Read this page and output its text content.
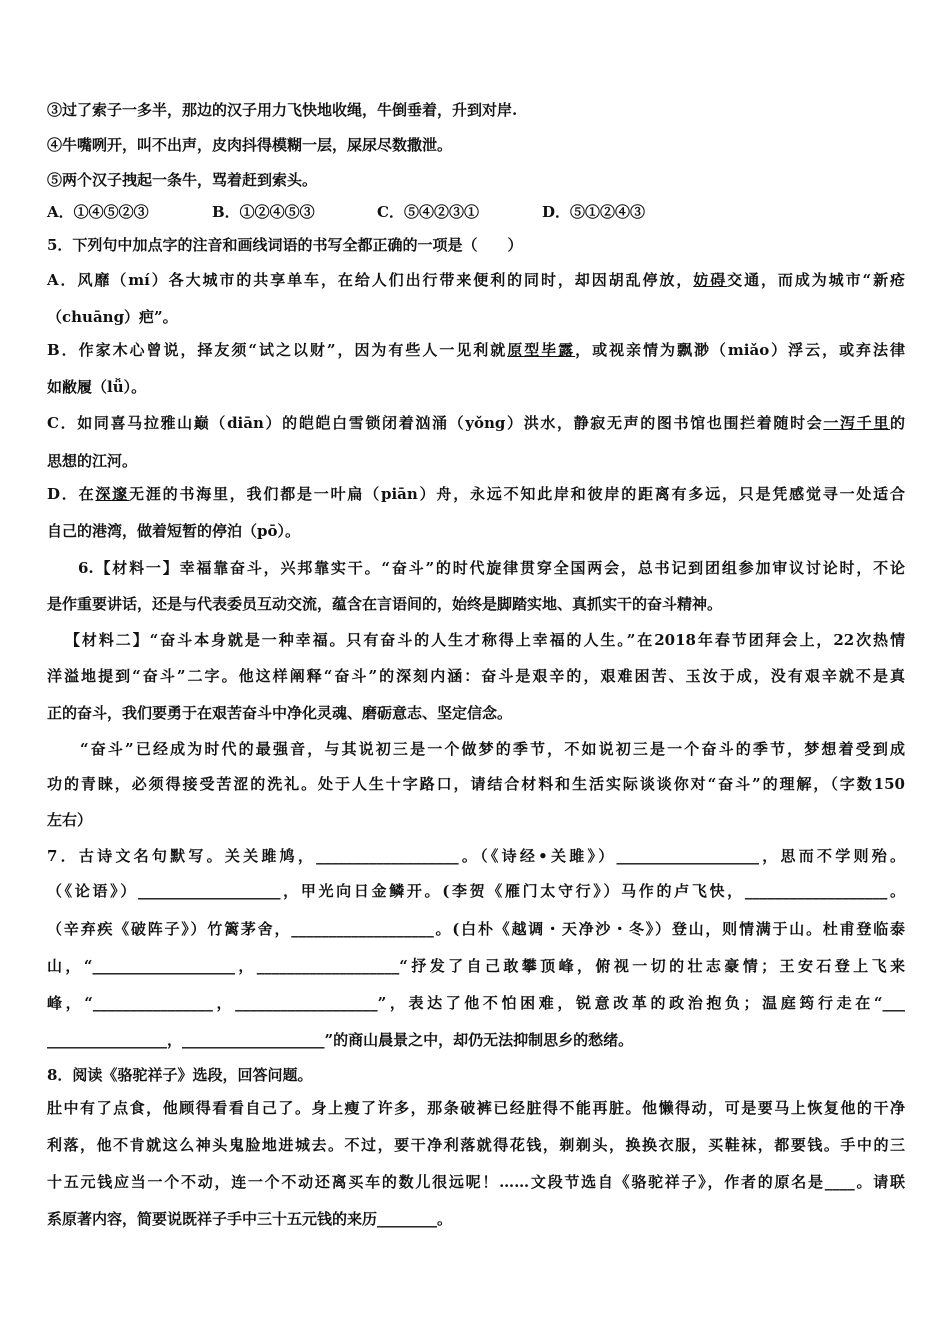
③过了索子一多半，那边的汉子用力飞快地收绳，牛倒垂着，升到对岸.
④牛嘴咧开，叫不出声，皮肉抖得模糊一层，屎尿尽数撒泄。
⑤两个汉子拽起一条牛，骂着赶到索头。
A．①④⑤②③	B．①②④⑤③	C．⑤④②③①	D．⑤①②④③
5．下列句中加点字的注音和画线词语的书写全都正确的一项是（　　）
A．风靡（mí）各大城市的共享单车，在给人们出行带来便利的同时，却因胡乱停放，妨碍交通，而成为城市“新疮
（chuāng）疤”。
B．作家木心曾说，择友须“试之以财”，因为有些人一见利就原型毕露，或视亲情为飘渺（miǎo）浮云，或弃法律
如敝履（lǚ）。
C．如同喜马拉雅山巅（diān）的皑皑白雪锁闭着汹涌（yǒng）洪水，静寂无声的图书馆也围拦着随时会一泻千里的
思想的江河。
D．在深邃无涯的书海里，我们都是一叶扁（piān）舟，永远不知此岸和彼岸的距离有多远，只是凭感觉寻一处适合
自己的港湾，做着短暂的停泊（pō）。
6.【材料一】幸福靠奋斗，兴邦靠实干。“奋斗”的时代旋律贯穿全国两会，总书记到团组参加审议讨论时，不论
是作重要讲话，还是与代表委员互动交流，蕴含在言语间的，始终是脚踏实地、真抓实干的奋斗精神。
【材料二】“奋斗本身就是一种幸福。只有奋斗的人生才称得上幸福的人生。”在2018年春节团拜会上，22次热情
洋溢地提到“奋斗”二字。他这样阐释“奋斗”的深刻内涵：奋斗是艰辛的，艰难困苦、玉汝于成，没有艰辛就不是真
正的奋斗，我们要勇于在艰苦奋斗中净化灵魂、磨砺意志、坚定信念。
“奋斗”已经成为时代的最强音，与其说初三是一个做梦的季节，不如说初三是一个奋斗的季节，梦想着受到成
功的青睐，必须得接受苦涩的洗礼。处于人生十字路口，请结合材料和生活实际谈谈你对“奋斗”的理解，（字数150
左右）
7．古诗文名句默写。关关雎鸠，___________________。（《诗经•关雎》）___________________，思而不学则殆。
（《论语》）___________________，甲光向日金鳞开。(李贺《雁门太守行》）马作的卢飞快，___________________。
（辛弃疾《破阵子》）竹篱茅舍，___________________。(白朴《越调・天净沙・冬》）登山，则情满于山。杜甫登临泰
山，“___________________，___________________“抒发了自己敢攀顶峰，俯视一切的壮志豪情；王安石登上飞来
峰，“________________，___________________”，表达了他不怕困难，锐意改革的政治抱负；温庭筠行走在“___
________________，___________________”的商山晨景之中，却仍无法抑制思乡的愁绪。
8．阅读《骆驼祥子》选段，回答问题。
肚中有了点食，他顾得看看自己了。身上瘦了许多，那条破裤已经脏得不能再脏。他懒得动，可是要马上恢复他的干净
利落，他不肯就这么神头鬼脸地进城去。不过，要干净利落就得花钱，剃剃头，换换衣服，买鞋袜，都要钱。手中的三
十五元钱应当一个不动，连一个不动还离买车的数儿很远呢！……文段节选自《骆驼祥子》，作者的原名是____。请联
系原著内容，简要说既祥子手中三十五元钱的来历________。
